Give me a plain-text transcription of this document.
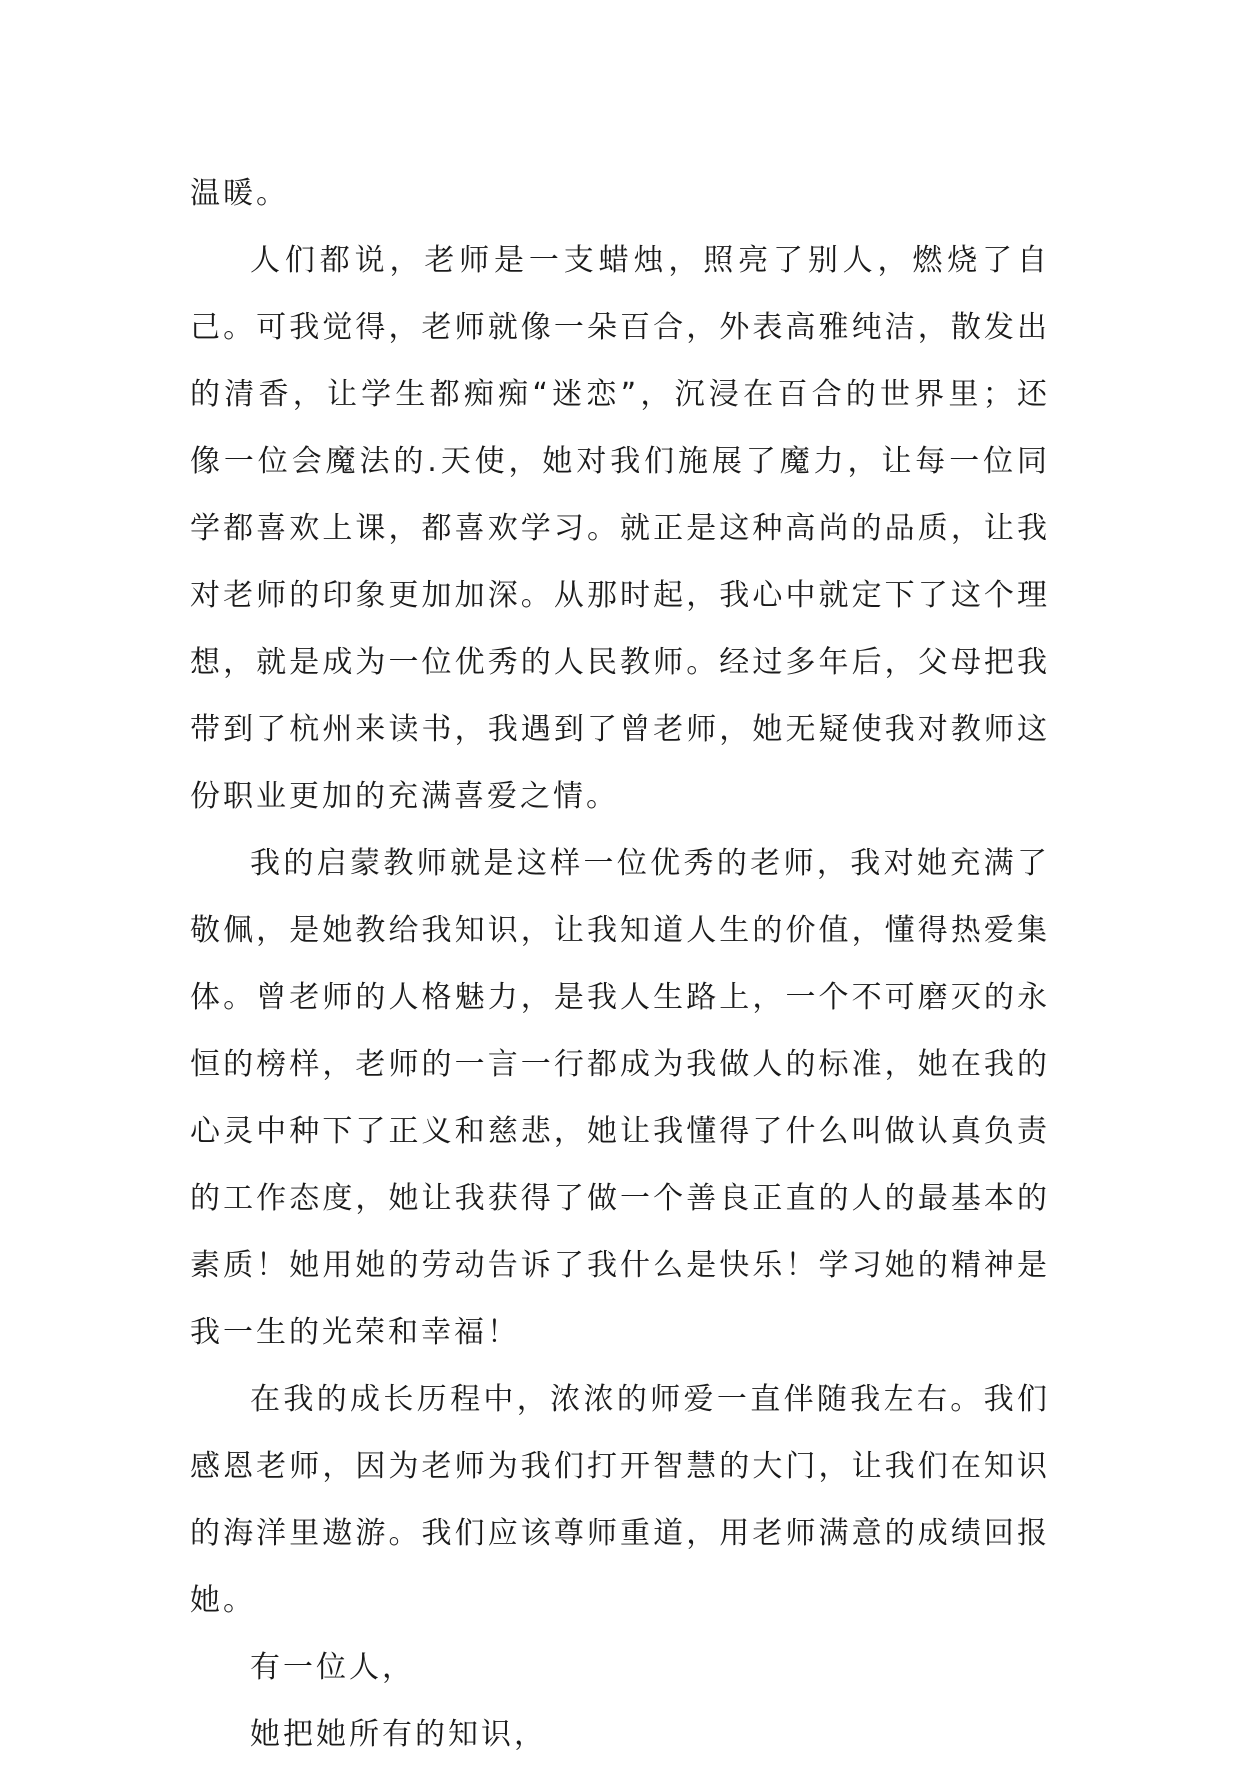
温暖。

人们都说，老师是一支蜡烛，照亮了别人，燃烧了自己。可我觉得，老师就像一朵百合，外表高雅纯洁，散发出的清香，让学生都痴痴“迷恋”，沉浸在百合的世界里；还像一位会魔法的.天使，她对我们施展了魔力，让每一位同学都喜欢上课，都喜欢学习。就正是这种高尚的品质，让我对老师的印象更加加深。从那时起，我心中就定下了这个理想，就是成为一位优秀的人民教师。经过多年后，父母把我带到了杭州来读书，我遇到了曾老师，她无疑使我对教师这份职业更加的充满喜爱之情。

我的启蒙教师就是这样一位优秀的老师，我对她充满了敬佩，是她教给我知识，让我知道人生的价值，懂得热爱集体。曾老师的人格魅力，是我人生路上，一个不可磨灭的永恒的榜样，老师的一言一行都成为我做人的标准，她在我的心灵中种下了正义和慈悲，她让我懂得了什么叫做认真负责的工作态度，她让我获得了做一个善良正直的人的最基本的素质！她用她的劳动告诉了我什么是快乐！学习她的精神是我一生的光荣和幸福！

在我的成长历程中，浓浓的师爱一直伴随我左右。我们感恩老师，因为老师为我们打开智慧的大门，让我们在知识的海洋里遨游。我们应该尊师重道，用老师满意的成绩回报她。

有一位人，

她把她所有的知识，
